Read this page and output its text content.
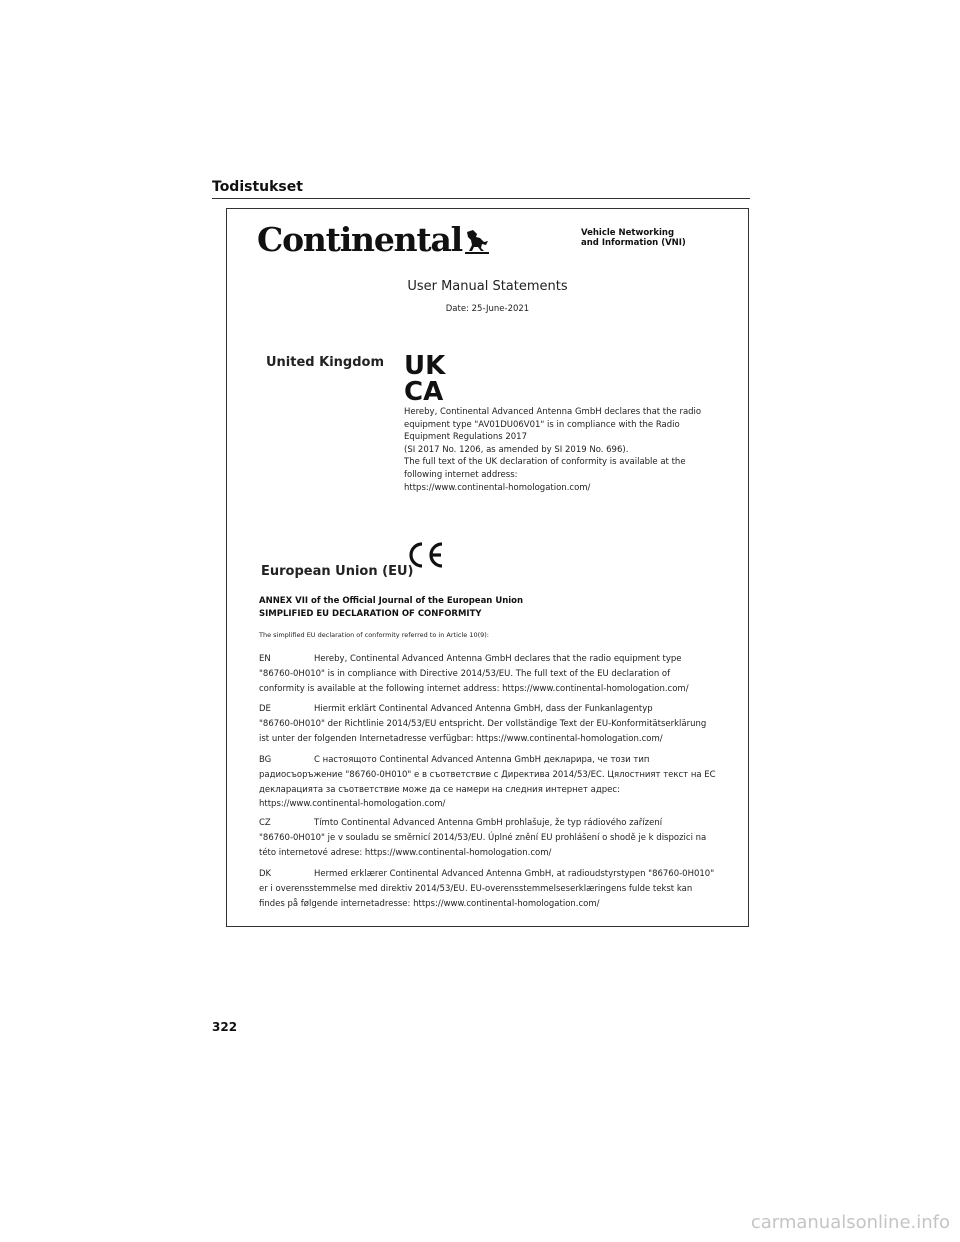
Todistukset
Continental	Vehicle Networking
and Information (VNI)
User Manual Statements
Date: 25-June-2021
United Kingdom UK
CA
Hereby, Continental Advanced Antenna GmbH declares that the radio
equipment type "AV01DU06V01" is in compliance with the Radio
Equipment Regulations 2017
(SI 2017 No. 1206, as amended by SI 2019 No. 696).
The full text of the UK declaration of conformity is available at the
following internet address:
https://www.continental-homologation.com/
European Union (EU)
ANNEX VII of the Official Journal of the European Union
SIMPLIFIED EU DECLARATION OF CONFORMITY
The simplified EU declaration of conformity referred to in Article 10(9):
EN	Hereby, Continental Advanced Antenna GmbH declares that the radio equipment type
"86760-0H010" is in compliance with Directive 2014/53/EU. The full text of the EU declaration of
conformity is available at the following internet address: https://www.continental-homologation.com/
DE	Hiermit erklärt Continental Advanced Antenna GmbH, dass der Funkanlagentyp
"86760-0H010" der Richtlinie 2014/53/EU entspricht. Der vollständige Text der EU-Konformitätserklärung
ist unter der folgenden Internetadresse verfügbar: https://www.continental-homologation.com/
BG	С настоящото Continental Advanced Antenna GmbH декларира, че този тип
радиосъоръжение "86760-0H010" е в съответствие с Директива 2014/53/ЕС. Цялостният текст на ЕС
декларацията за съответствие може да се намери на следния интернет адрес:
https://www.continental-homologation.com/
CZ	Tímto Continental Advanced Antenna GmbH prohlašuje, že typ rádiového zařízení
"86760-0H010" je v souladu se směrnicí 2014/53/EU. Úplné znění EU prohlášení o shodě je k dispozici na
této internetové adrese: https://www.continental-homologation.com/
DK	Hermed erklærer Continental Advanced Antenna GmbH, at radioudstyrstypen "86760-0H010"
er i overensstemmelse med direktiv 2014/53/EU. EU-overensstemmelseserklæringens fulde tekst kan
findes på følgende internetadresse: https://www.continental-homologation.com/
322
carmanualsonline.info
